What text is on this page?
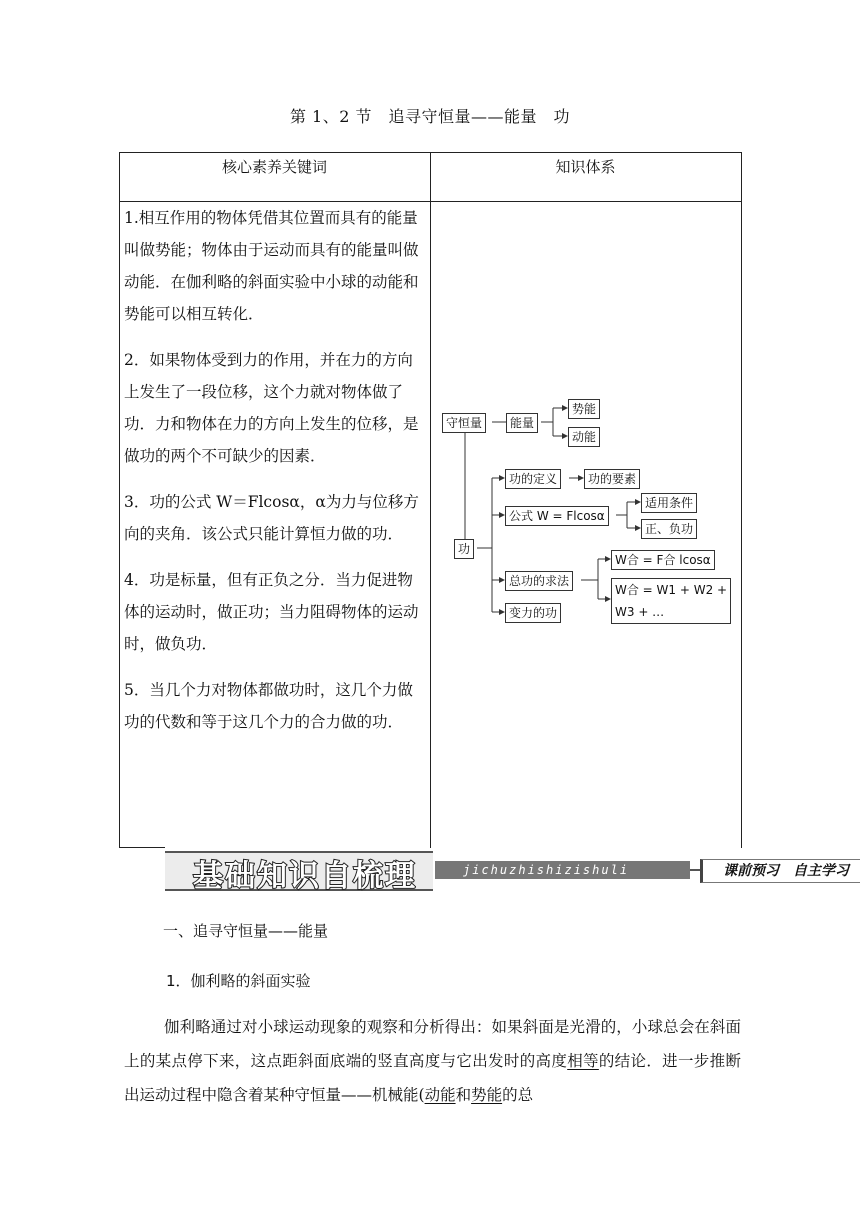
第 1、2 节　追寻守恒量——能量　功
核心素养关键词	知识体系

1.相互作用的物体凭借其位置而具有的能量叫做势能；物体由于运动而具有的能量叫做动能．在伽利略的斜面实验中小球的动能和势能可以相互转化．

2．如果物体受到力的作用，并在力的方向上发生了一段位移，这个力就对物体做了功．力和物体在力的方向上发生的位移，是做功的两个不可缺少的因素．

3．功的公式 W＝Flcosα，α为力与位移方向的夹角．该公式只能计算恒力做的功．

4．功是标量，但有正负之分．当力促进物体的运动时，做正功；当力阻碍物体的运动时，做负功．

5．当几个力对物体都做功时，这几个力做功的代数和等于这几个力的合力做的功．

守恒量	能量
势能
动能
功
功的定义	功的要素
公式 W = Flcosα
适用条件
正、负功
总功的求法
W合 = F合 lcosα
W合 = W1 + W2 +
W3 + …
变力的功
基础知识自梳理	jichuzhishizishuli	课前预习　自主学习
一、追寻守恒量——能量
1．伽利略的斜面实验
伽利略通过对小球运动现象的观察和分析得出：如果斜面是光滑的，小球总会在斜面上的某点停下来，这点距斜面底端的竖直高度与它出发时的高度相等的结论．进一步推断出运动过程中隐含着某种守恒量——机械能(动能和势能的总
